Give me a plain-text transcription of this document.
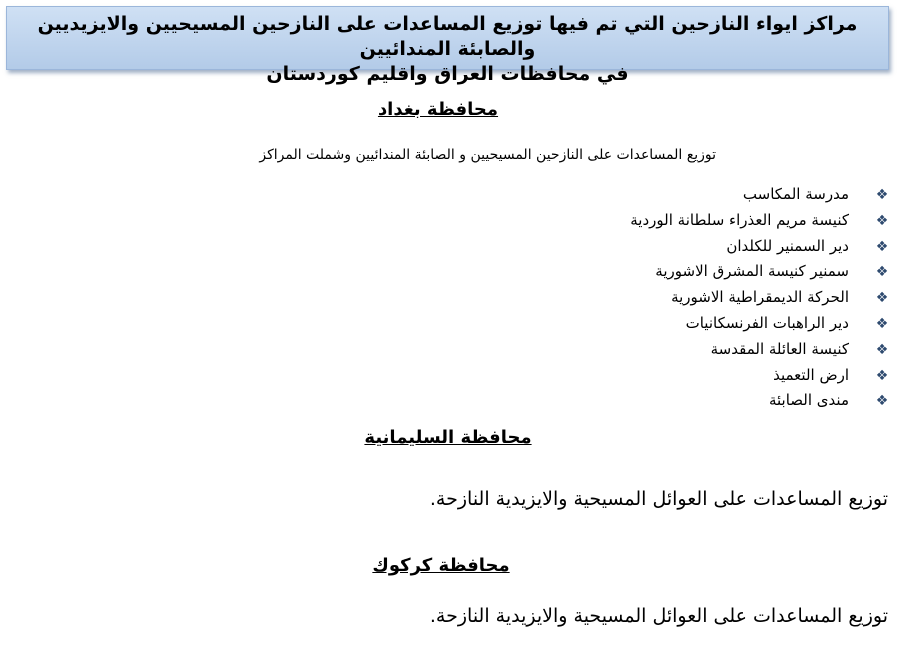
مراكز ايواء النازحين التي تم فيها توزيع المساعدات على النازحين المسيحيين والايزيديين والصابئة المندائيين
في محافظات العراق واقليم كوردستان
محافظة بغداد
توزيع المساعدات على النازحين المسيحيين و الصابئة المندائيين وشملت المراكز
❖مدرسة المكاسب
❖كنيسة مريم العذراء سلطانة الوردية
❖دير السمنير للكلدان
❖سمنير كنيسة المشرق الاشورية
❖الحركة الديمقراطية الاشورية
❖دير الراهبات الفرنسكانيات
❖كنيسة العائلة المقدسة
❖ارض التعميذ
❖مندى الصابئة
محافظة السليمانية
توزيع المساعدات على العوائل المسيحية والايزيدية النازحة.
محافظة كركوك
توزيع المساعدات على العوائل المسيحية والايزيدية النازحة.
